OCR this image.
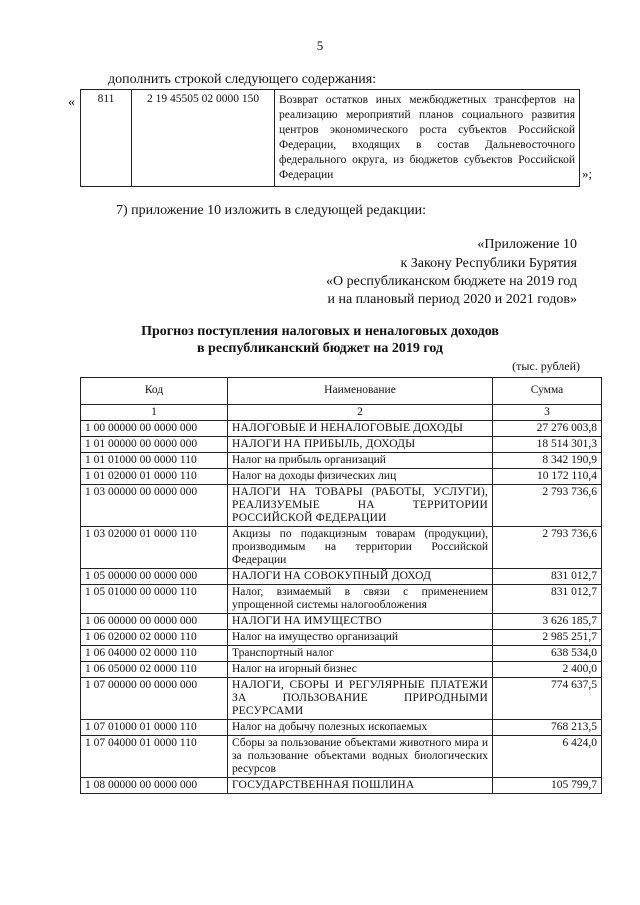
5
дополнить строкой следующего содержания:
« 811	2 19 45505 02 0000 150	Возврат остатков иных межбюджетных трансфертов на реализацию мероприятий планов социального развития центров экономического роста субъектов Российской Федерации, входящих в состав Дальневосточного федерального округа, из бюджетов субъектов Российской Федерации	»;
7) приложение 10 изложить в следующей редакции:
«Приложение 10
к Закону Республики Бурятия
«О республиканском бюджете на 2019 год
и на плановый период 2020 и 2021 годов»
Прогноз поступления налоговых и неналоговых доходов
в республиканский бюджет на 2019 год
(тыс. рублей)
Код	Наименование	Сумма
1	2	3
1 00 00000 00 0000 000	НАЛОГОВЫЕ И НЕНАЛОГОВЫЕ ДОХОДЫ	27 276 003,8
1 01 00000 00 0000 000	НАЛОГИ НА ПРИБЫЛЬ, ДОХОДЫ	18 514 301,3
1 01 01000 00 0000 110	Налог на прибыль организаций	8 342 190,9
1 01 02000 01 0000 110	Налог на доходы физических лиц	10 172 110,4
1 03 00000 00 0000 000	НАЛОГИ НА ТОВАРЫ (РАБОТЫ, УСЛУГИ), РЕАЛИЗУЕМЫЕ НА ТЕРРИТОРИИ РОССИЙСКОЙ ФЕДЕРАЦИИ	2 793 736,6
1 03 02000 01 0000 110	Акцизы по подакцизным товарам (продукции), производимым на территории Российской Федерации	2 793 736,6
1 05 00000 00 0000 000	НАЛОГИ НА СОВОКУПНЫЙ ДОХОД	831 012,7
1 05 01000 00 0000 110	Налог, взимаемый в связи с применением упрощенной системы налогообложения	831 012,7
1 06 00000 00 0000 000	НАЛОГИ НА ИМУЩЕСТВО	3 626 185,7
1 06 02000 02 0000 110	Налог на имущество организаций	2 985 251,7
1 06 04000 02 0000 110	Транспортный налог	638 534,0
1 06 05000 02 0000 110	Налог на игорный бизнес	2 400,0
1 07 00000 00 0000 000	НАЛОГИ, СБОРЫ И РЕГУЛЯРНЫЕ ПЛАТЕЖИ ЗА ПОЛЬЗОВАНИЕ ПРИРОДНЫМИ РЕСУРСАМИ	774 637,5
1 07 01000 01 0000 110	Налог на добычу полезных ископаемых	768 213,5
1 07 04000 01 0000 110	Сборы за пользование объектами животного мира и за пользование объектами водных биологических ресурсов	6 424,0
1 08 00000 00 0000 000	ГОСУДАРСТВЕННАЯ ПОШЛИНА	105 799,7
